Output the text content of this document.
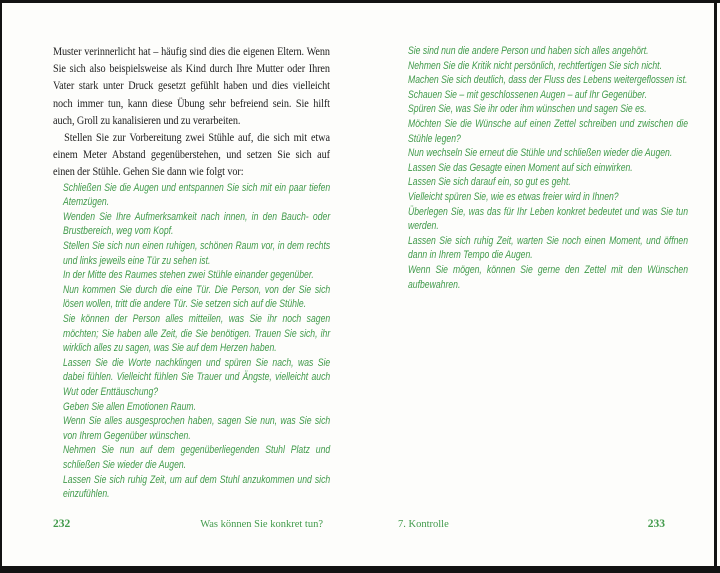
Muster verinnerlicht hat – häufig sind dies die eigenen Eltern. Wenn Sie sich also beispielsweise als Kind durch Ihre Mutter oder Ihren Vater stark unter Druck gesetzt gefühlt haben und dies vielleicht noch immer tun, kann diese Übung sehr befreiend sein. Sie hilft auch, Groll zu kanalisieren und zu verarbeiten.

Stellen Sie zur Vorbereitung zwei Stühle auf, die sich mit etwa einem Meter Abstand gegenüberstehen, und setzen Sie sich auf einen der Stühle. Gehen Sie dann wie folgt vor:

Schließen Sie die Augen und entspannen Sie sich mit ein paar tiefen Atemzügen.

Wenden Sie Ihre Aufmerksamkeit nach innen, in den Bauch- oder Brustbereich, weg vom Kopf.

Stellen Sie sich nun einen ruhigen, schönen Raum vor, in dem rechts und links jeweils eine Tür zu sehen ist.

In der Mitte des Raumes stehen zwei Stühle einander gegenüber.

Nun kommen Sie durch die eine Tür. Die Person, von der Sie sich lösen wollen, tritt die andere Tür. Sie setzen sich auf die Stühle.

Sie können der Person alles mitteilen, was Sie ihr noch sagen möchten; Sie haben alle Zeit, die Sie benötigen. Trauen Sie sich, ihr wirklich alles zu sagen, was Sie auf dem Herzen haben.

Lassen Sie die Worte nachklingen und spüren Sie nach, was Sie dabei fühlen. Vielleicht fühlen Sie Trauer und Ängste, vielleicht auch Wut oder Enttäuschung?

Geben Sie allen Emotionen Raum.

Wenn Sie alles ausgesprochen haben, sagen Sie nun, was Sie sich von Ihrem Gegenüber wünschen.

Nehmen Sie nun auf dem gegenüberliegenden Stuhl Platz und schließen Sie wieder die Augen.

Lassen Sie sich ruhig Zeit, um auf dem Stuhl anzukommen und sich einzufühlen.

Sie sind nun die andere Person und haben sich alles angehört.

Nehmen Sie die Kritik nicht persönlich, rechtfertigen Sie sich nicht.

Machen Sie sich deutlich, dass der Fluss des Lebens weitergeflossen ist.

Schauen Sie – mit geschlossenen Augen – auf Ihr Gegenüber.

Spüren Sie, was Sie ihr oder ihm wünschen und sagen Sie es.

Möchten Sie die Wünsche auf einen Zettel schreiben und zwischen die Stühle legen?

Nun wechseln Sie erneut die Stühle und schließen wieder die Augen.

Lassen Sie das Gesagte einen Moment auf sich einwirken.

Lassen Sie sich darauf ein, so gut es geht.

Vielleicht spüren Sie, wie es etwas freier wird in Ihnen?

Überlegen Sie, was das für Ihr Leben konkret bedeutet und was Sie tun werden.

Lassen Sie sich ruhig Zeit, warten Sie noch einen Moment, und öffnen dann in Ihrem Tempo die Augen.

Wenn Sie mögen, können Sie gerne den Zettel mit den Wünschen aufbewahren.

232	Was können Sie konkret tun?	7. Kontrolle	233
